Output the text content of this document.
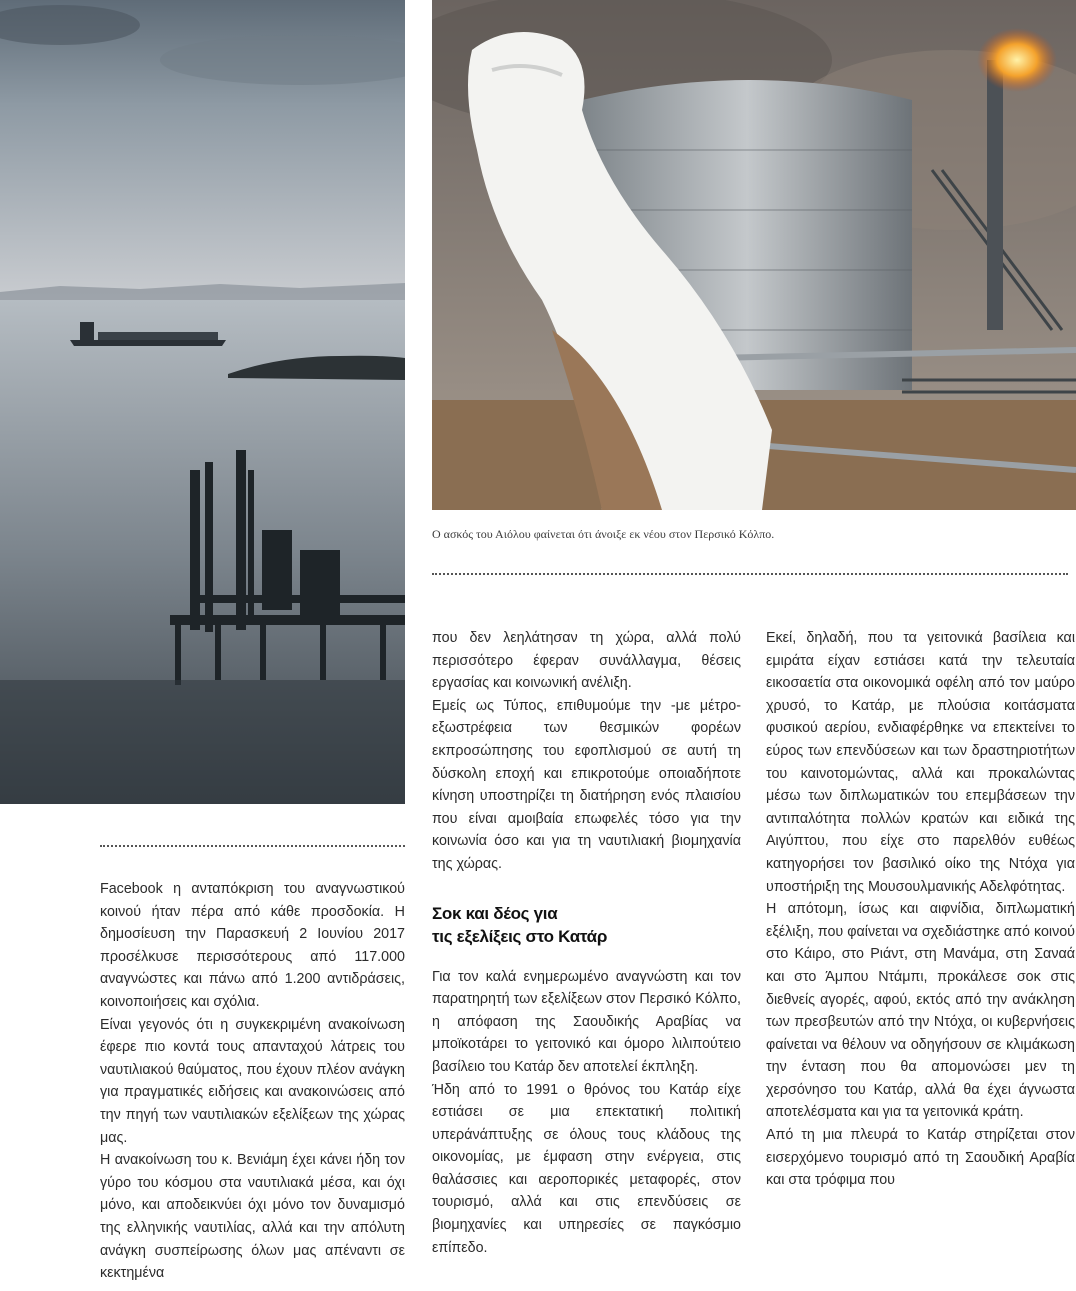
Ο ασκός του Αιόλου φαίνεται ότι άνοιξε εκ νέου στον Περσικό Κόλπο.

Facebook η ανταπόκριση του αναγνωστικού κοινού ήταν πέρα από κάθε προσδοκία. Η δημοσίευση την Παρασκευή 2 Ιουνίου 2017 προσέλκυσε περισσότερους από 117.000 αναγνώστες και πάνω από 1.200 αντιδράσεις, κοινοποιήσεις και σχόλια.

Είναι γεγονός ότι η συγκεκριμένη ανακοίνωση έφερε πιο κοντά τους απανταχού λάτρεις του ναυτιλιακού θαύματος, που έχουν πλέον ανάγκη για πραγματικές ειδήσεις και ανακοινώσεις από την πηγή των ναυτιλιακών εξελίξεων της χώρας μας.

Η ανακοίνωση του κ. Βενιάμη έχει κάνει ήδη τον γύρο του κόσμου στα ναυτιλιακά μέσα, και όχι μόνο, και αποδεικνύει όχι μόνο τον δυναμισμό της ελληνικής ναυτιλίας, αλλά και την απόλυτη ανάγκη συσπείρωσης όλων μας απέναντι σε κεκτημένα

που δεν λεηλάτησαν τη χώρα, αλλά πολύ περισσότερο έφεραν συνάλλαγμα, θέσεις εργασίας και κοινωνική ανέλιξη.

Εμείς ως Τύπος, επιθυμούμε την -με μέτρο- εξωστρέφεια των θεσμικών φορέων εκπροσώπησης του εφοπλισμού σε αυτή τη δύσκολη εποχή και επικροτούμε οποιαδήποτε κίνηση υποστηρίζει τη διατήρηση ενός πλαισίου που είναι αμοιβαία επωφελές τόσο για την κοινωνία όσο και για τη ναυτιλιακή βιομηχανία της χώρας.

Σοκ και δέος για
τις εξελίξεις στο Κατάρ

Για τον καλά ενημερωμένο αναγνώστη και τον παρατηρητή των εξελίξεων στον Περσικό Κόλπο, η απόφαση της Σαουδικής Αραβίας να μποϊκοτάρει το γειτονικό και όμορο λιλιπούτειο βασίλειο του Κατάρ δεν αποτελεί έκπληξη.

Ήδη από το 1991 ο θρόνος του Κατάρ είχε εστιάσει σε μια επεκτατική πολιτική υπεράνάπτυξης σε όλους τους κλάδους της οικονομίας, με έμφαση στην ενέργεια, στις θαλάσσιες και αεροπορικές μεταφορές, στον τουρισμό, αλλά και στις επενδύσεις σε βιομηχανίες και υπηρεσίες σε παγκόσμιο επίπεδο.

Εκεί, δηλαδή, που τα γειτονικά βασίλεια και εμιράτα είχαν εστιάσει κατά την τελευταία εικοσαετία στα οικονομικά οφέλη από τον μαύρο χρυσό, το Κατάρ, με πλούσια κοιτάσματα φυσικού αερίου, ενδιαφέρθηκε να επεκτείνει το εύρος των επενδύσεων και των δραστηριοτήτων του καινοτομώντας, αλλά και προκαλώντας μέσω των διπλωματικών του επεμβάσεων την αντιπαλότητα πολλών κρατών και ειδικά της Αιγύπτου, που είχε στο παρελθόν ευθέως κατηγορήσει τον βασιλικό οίκο της Ντόχα για υποστήριξη της Μουσουλμανικής Αδελφότητας.

Η απότομη, ίσως και αιφνίδια, διπλωματική εξέλιξη, που φαίνεται να σχεδιάστηκε από κοινού στο Κάιρο, στο Ριάντ, στη Μανάμα, στη Σαναά και στο Άμπου Ντάμπι, προκάλεσε σοκ στις διεθνείς αγορές, αφού, εκτός από την ανάκληση των πρεσβευτών από την Ντόχα, οι κυβερνήσεις φαίνεται να θέλουν να οδηγήσουν σε κλιμάκωση την ένταση που θα απομονώσει μεν τη χερσόνησο του Κατάρ, αλλά θα έχει άγνωστα αποτελέσματα και για τα γειτονικά κράτη.

Από τη μια πλευρά το Κατάρ στηρίζεται στον εισερχόμενο τουρισμό από τη Σαουδική Αραβία και στα τρόφιμα που
